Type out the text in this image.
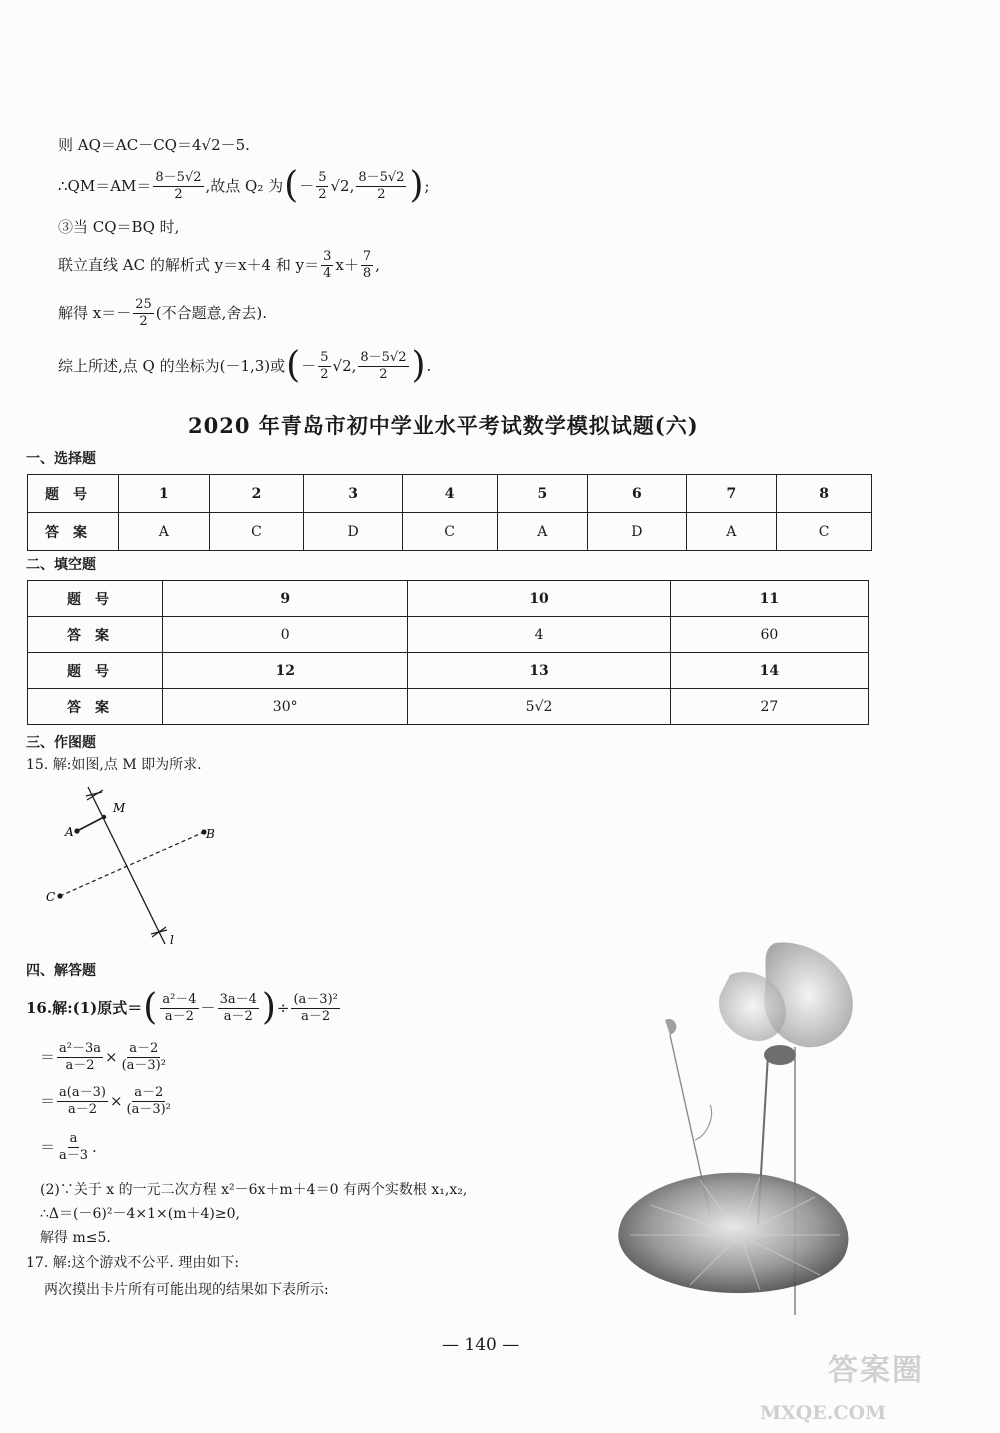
则 AQ＝AC－CQ＝4√2－5.
∴QM＝AM＝ $\frac{8-5√2}{2}$ ,故点 Q₂ 为 ( － $\frac{5}{2} √2$, $\frac{8-5√2}{2}$ ) ;
③当 CQ＝BQ 时,
联立直线 AC 的解析式 y＝x＋4 和 $y= \frac{3}{4} x+ \frac{7}{8}$ ,
解得 $x=- \frac{25}{2}$ (不合题意,舍去).
综上所述,点 Q 的坐标为(－1,3)或 ( － $\frac{5}{2} √2$, $\frac{8-5√2}{2}$ ) .
2020 年青岛市初中学业水平考试数学模拟试题(六)
一、选择题
题号	1	2	3	4	5	6	7	8
答案	A	C	D	C	A	D	A	C
二、填空题
题号	9	10	11
答案	0	4	60
题号	12	13	14
答案	30°	5√2	27
三、作图题
15. 解:如图,点 M 即为所求.
M
A	B
C
l
四、解答题
16.解:(1)原式＝ ( $\frac{\text{a²－4}}{a-2} - \frac{3a-4}{a-2}$ ) ÷ $\frac{\text{(a－3)²}}{a-2}$
＝ $\frac{\text{a²－3a}}{a-2} \times \frac{a-2}{\text{(a－3)²}}$
＝ $\frac{a(a-3)}{a-2} \times \frac{a-2}{\text{(a－3)²}}$
＝ $\frac{a}{a-3}$ .
(2)∵关于 x 的一元二次方程 x²－6x＋m＋4＝0 有两个实数根 x₁,x₂,
∴Δ＝(－6)²－4×1×(m＋4)≥0,
解得 m≤5.
17. 解:这个游戏不公平. 理由如下:
两次摸出卡片所有可能出现的结果如下表所示:
— 140 —
答案圈
MXQE.COM
